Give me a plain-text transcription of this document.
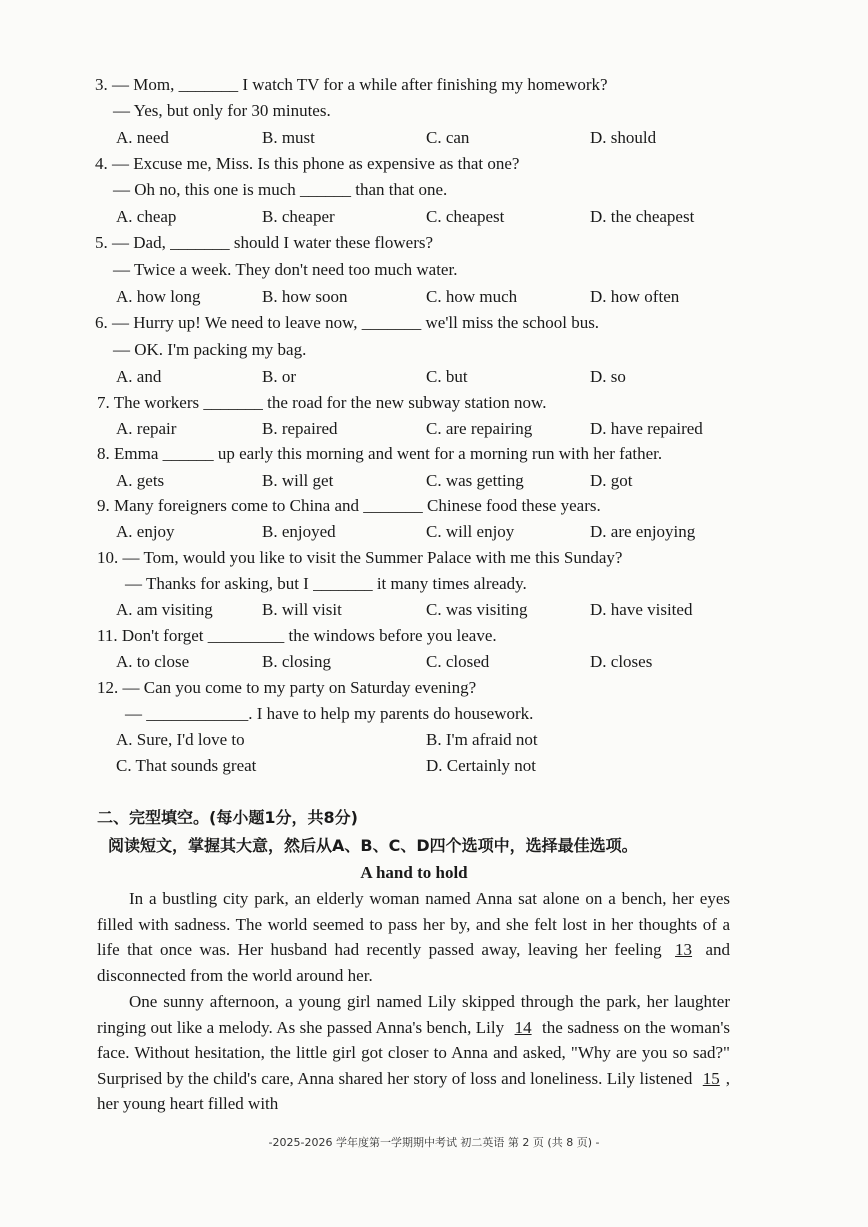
3. — Mom, _______ I watch TV for a while after finishing my homework?
— Yes, but only for 30 minutes.
A. need	B. must	C. can	D. should
4. — Excuse me, Miss. Is this phone as expensive as that one?
— Oh no, this one is much ______ than that one.
A. cheap	B. cheaper	C. cheapest	D. the cheapest
5. — Dad, _______ should I water these flowers?
— Twice a week. They don't need too much water.
A. how long	B. how soon	C. how much	D. how often
6. — Hurry up! We need to leave now, _______ we'll miss the school bus.
— OK. I'm packing my bag.
A. and	B. or	C. but	D. so
7. The workers _______ the road for the new subway station now.
A. repair	B. repaired	C. are repairing	D. have repaired
8. Emma ______ up early this morning and went for a morning run with her father.
A. gets	B. will get	C. was getting	D. got
9. Many foreigners come to China and _______ Chinese food these years.
A. enjoy	B. enjoyed	C. will enjoy	D. are enjoying
10. — Tom, would you like to visit the Summer Palace with me this Sunday?
— Thanks for asking, but I _______ it many times already.
A. am visiting	B. will visit	C. was visiting	D. have visited
11. Don't forget _________ the windows before you leave.
A. to close	B. closing	C. closed	D. closes
12. — Can you come to my party on Saturday evening?
— ____________. I have to help my parents do housework.
A. Sure, I'd love to	B. I'm afraid not
C. That sounds great	D. Certainly not
二、完型填空。(每小题1分，共8分)
阅读短文，掌握其大意，然后从A、B、C、D四个选项中，选择最佳选项。
A hand to hold
In a bustling city park, an elderly woman named Anna sat alone on a bench, her eyes filled with sadness. The world seemed to pass her by, and she felt lost in her thoughts of a life that once was. Her husband had recently passed away, leaving her feeling 13 and disconnected from the world around her.
One sunny afternoon, a young girl named Lily skipped through the park, her laughter ringing out like a melody. As she passed Anna's bench, Lily 14 the sadness on the woman's face. Without hesitation, the little girl got closer to Anna and asked, "Why are you so sad?" Surprised by the child's care, Anna shared her story of loss and loneliness. Lily listened 15 , her young heart filled with
-2025-2026 学年度第一学期期中考试 初二英语 第 2 页 (共 8 页) -
